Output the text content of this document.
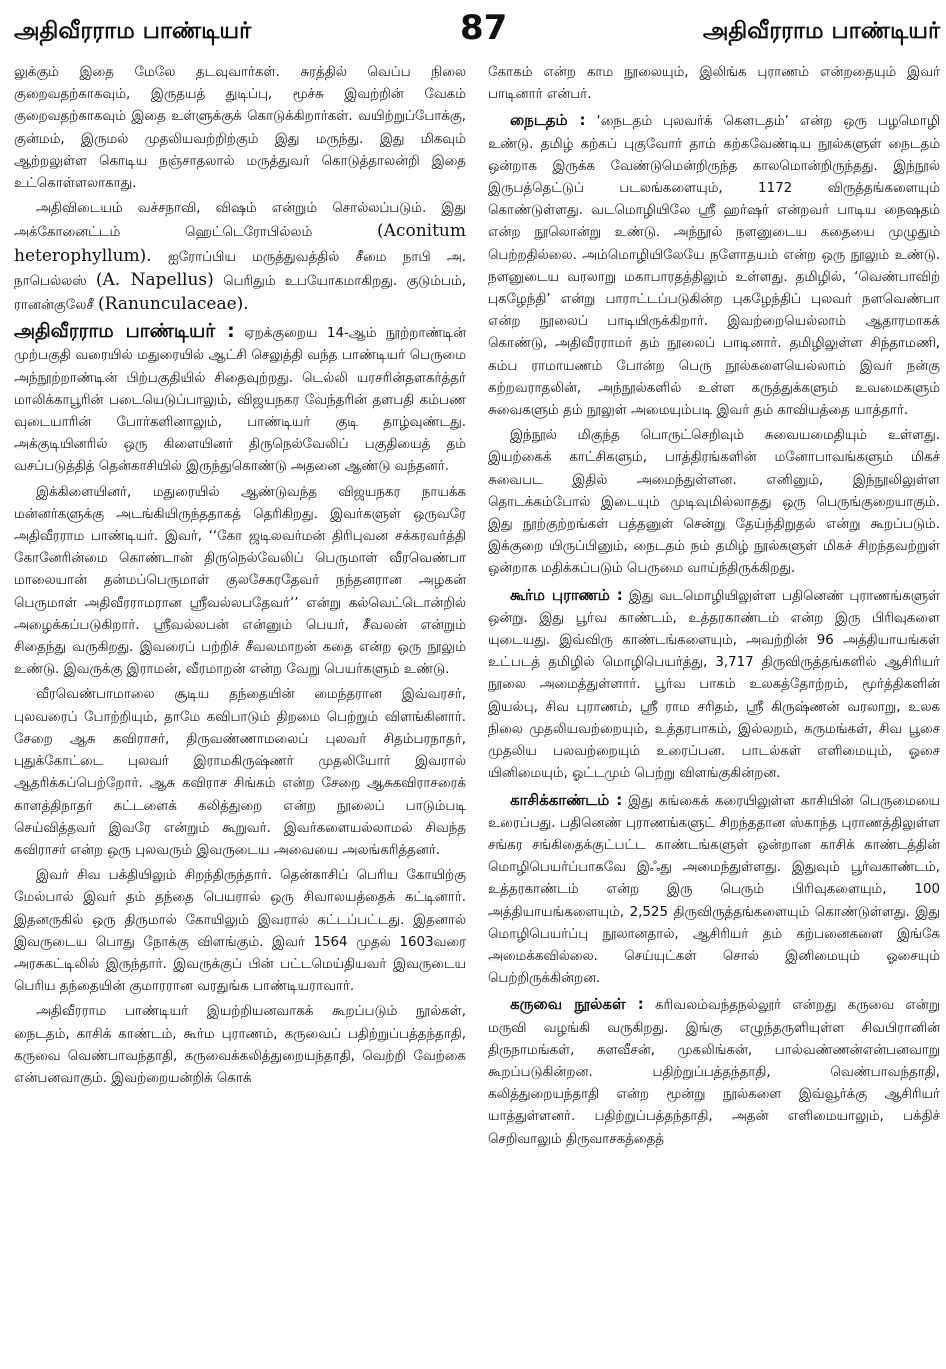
அதிவீரராம பாண்டியர்	87	அதிவீரராம பாண்டியர்

லுக்கும் இதை மேலே தடவுவார்கள். சுரத்தில் வெப்ப நிலை குறைவதற்காகவும், இருதயத் துடிப்பு, மூச்சு இவற்றின் வேகம் குறைவதற்காகவும் இதை உள்ளுக்குக் கொடுக்கிறார்கள். வயிற்றுப்போக்கு, குன்மம், இருமல் முதலியவற்றிற்கும் இது மருந்து. இது மிகவும் ஆற்றலுள்ள கொடிய நஞ்சாதலால் மருத்துவர் கொடுத்தாலன்றி இதை உட்கொள்ளலாகாது.

அதிவிடையம் வச்சநாவி, விஷம் என்றும் சொல்லப்படும். இது அக்கோனைட்டம் ஹெட்டெரோபில்லம்	(Aconitum heterophyllum). ஐரோப்பிய மருத்துவத்தில் சீமை நாபி அ. நாபெல்லஸ் (A. Napellus) பெரிதும் உபயோகமாகிறது. குடும்பம், ரானன்குலேசீ (Ranunculaceae).

அதிவீரராம பாண்டியர் : ஏறக்குறைய 14-ஆம் நூற்றாண்டின் முற்பகுதி வரையில் மதுரையில் ஆட்சி செலுத்தி வந்த பாண்டியர் பெருமை அந்நூற்றாண்டின் பிற்பகுதியில் சிதைவுற்றது. டெல்லி யரசரின்தளகர்த்தர் மாலிக்காபூரின் படையெடுப்பாலும், விஜயநகர வேந்தரின் தளபதி கம்பண வுடையாரின் போர்களினாலும், பாண்டியர் குடி தாழ்வுண்டது. அக்குடியினரில் ஒரு கிளையினர் திருநெல்வேலிப் பகுதியைத் தம் வசப்படுத்தித் தென்காசியில் இருந்துகொண்டு அதனை ஆண்டு வந்தனர்.

இக்கிளையினர், மதுரையில் ஆண்டுவந்த விஜயநகர நாயக்க மன்னர்களுக்கு அடங்கியிருந்ததாகத் தெரிகிறது. இவர்களுள் ஒருவரே அதிவீரராம பாண்டியர். இவர், ‘‘கோ ஜடிலவர்மன் திரிபுவன சக்கரவர்த்தி கோனேரின்மை கொண்டான் திருநெல்வேலிப் பெருமாள் வீரவெண்பா மாலையான் தன்மப்பெருமாள் குலசேகரதேவர் நந்தனரான அழகன் பெருமாள் அதிவீரராமரான ஸ்ரீவல்லபதேவர்’’ என்று கல்வெட்டொன்றில் அழைக்கப்படுகிறார். ஸ்ரீவல்லபன் என்னும் பெயர், சீவலன் என்றும் சிதைந்து வருகிறது. இவரைப் பற்றிச் சீவலமாறன் கதை என்ற ஒரு நூலும் உண்டு. இவருக்கு இராமன், வீரமாறன் என்ற வேறு பெயர்களும் உண்டு.

வீரவெண்பாமாலை சூடிய தந்தையின் மைந்தரான இவ்வரசர், புலவரைப் போற்றியும், தாமே கவிபாடும் திறமை பெற்றும் விளங்கினார். சேறை ஆசு கவிராசர், திருவண்ணாமலைப் புலவர் சிதம்பரநாதர், புதுக்கோட்டை புலவர் இராமகிருஷ்ணர் முதலியோர் இவரால் ஆதரிக்கப்பெற்றோர். ஆசு கவிராச சிங்கம் என்ற சேறை ஆசுகவிராசரைக் காளத்திநாதர் கட்டளைக் கலித்துறை என்ற நூலைப் பாடும்படி செய்வித்தவர் இவரே என்றும் கூறுவர். இவர்களையல்லாமல் சிவந்த கவிராசர் என்ற ஒரு புலவரும் இவருடைய அவையை அலங்கரித்தனர்.

இவர் சிவ பக்தியிலும் சிறந்திருந்தார். தென்காசிப் பெரிய கோயிற்கு மேல்பால் இவர் தம் தந்தை பெயரால் ஒரு சிவாலயத்தைக் கட்டினார். இதனருகில் ஒரு திருமால் கோயிலும் இவரால் கட்டப்பட்டது. இதனால் இவருடைய பொது நோக்கு விளங்கும். இவர் 1564 முதல் 1603வரை அரசுகட்டிலில் இருந்தார். இவருக்குப் பின் பட்டமெய்தியவர் இவருடைய பெரிய தந்தையின் குமாரரான வரதுங்க பாண்டியராவார்.

அதிவீரராம பாண்டியர் இயற்றியனவாகக் கூறப்படும் நூல்கள், நைடதம், காசிக் காண்டம், கூர்ம புராணம், கருவைப் பதிற்றுப்பத்தந்தாதி, கருவை வெண்பாவந்தாதி, கருவைக்கலித்துறையந்தாதி, வெற்றி வேற்கை என்பனவாகும். இவற்றையன்றிக் கொக்

கோகம் என்ற காம நூலையும், இலிங்க புராணம் என்றதையும் இவர் பாடினார் என்பர்.

நைடதம் : ‘நைடதம் புலவர்க் கௌடதம்’ என்ற ஒரு பழமொழி உண்டு. தமிழ் கற்கப் புகுவோர் தாம் கற்கவேண்டிய நூல்களுள் நைடதம் ஒன்றாக இருக்க வேண்டுமென்றிருந்த காலமொன்றிருந்தது. இந்நூல் இருபத்தெட்டுப் படலங்களையும், 1172 விருத்தங்களையும் கொண்டுள்ளது. வடமொழியிலே ஸ்ரீ ஹர்ஷர் என்றவர் பாடிய நைஷதம் என்ற நூலொன்று உண்டு. அந்நூல் நளனுடைய கதையை முழுதும் பெற்றதில்லை. அம்மொழியிலேயே நளோதயம் என்ற ஒரு நூலும் உண்டு. நளனுடைய வரலாறு மகாபாரதத்திலும் உள்ளது. தமிழில், ‘வெண்பாவிற் புகழேந்தி’ என்று பாராட்டப்படுகின்ற புகழேந்திப் புலவர் நளவெண்பா என்ற நூலைப் பாடியிருக்கிறார். இவற்றையெல்லாம் ஆதாரமாகக் கொண்டு, அதிவீரராமர் தம் நூலைப் பாடினார். தமிழிலுள்ள சிந்தாமணி, கம்ப ராமாயணம் போன்ற பெரு நூல்களையெல்லாம் இவர் நன்கு கற்றவராதலின், அந்நூல்களில் உள்ள கருத்துக்களும் உவமைகளும் சுவைகளும் தம் நூலுள் அமையும்படி இவர் தம் காவியத்தை யாத்தார்.

இந்நூல் மிகுந்த பொருட்செறிவும் சுவையமைதியும் உள்ளது. இயற்கைக் காட்சிகளும், பாத்திரங்களின் மனோபாவங்களும் மிகச் சுவைபட இதில் அமைந்துள்ளன. எனினும், இந்நூலிலுள்ள தொடக்கம்போல் இடையும் முடிவுமில்லாதது ஒரு பெருங்குறையாகும். இது நூற்குற்றங்கள் பத்தனுள் சென்று தேய்ந்திறுதல் என்று கூறப்படும். இக்குறை யிருப்பினும், நைடதம் நம் தமிழ் நூல்களுள் மிகச் சிறந்தவற்றுள் ஒன்றாக மதிக்கப்படும் பெருமை வாய்ந்திருக்கிறது.

கூர்ம புராணம் : இது வடமொழியிலுள்ள பதினெண் புராணங்களுள் ஒன்று. இது பூர்வ காண்டம், உத்தரகாண்டம் என்ற இரு பிரிவுகளை யுடையது. இவ்விரு காண்டங்களையும், அவற்றின் 96 அத்தியாயங்கள் உட்படத் தமிழில் மொழிபெயர்த்து, 3,717 திருவிருத்தங்களில் ஆசிரியர் நூலை அமைத்துள்ளார். பூர்வ பாகம் உலகத்தோற்றம், மூர்த்திகளின் இயல்பு, சிவ புராணம், ஸ்ரீ ராம சரிதம், ஸ்ரீ கிருஷ்ணன் வரலாறு, உலக நிலை முதலியவற்றையும், உத்தரபாகம், இல்லறம், கருமங்கள், சிவ பூசை முதலிய பலவற்றையும் உரைப்பன. பாடல்கள் எளிமையும், ஓசை யினிமையும், ஓட்டமும் பெற்று விளங்குகின்றன.

காசிக்காண்டம் : இது கங்கைக் கரையிலுள்ள காசியின் பெருமையை உரைப்பது. பதினெண் புராணங்களுட் சிறந்ததான ஸ்காந்த புராணத்திலுள்ள சங்கர சங்கிதைக்குட்பட்ட காண்டங்களுள் ஒன்றான காசிக் காண்டத்தின் மொழிபெயர்ப்பாகவே இஃது அமைந்துள்ளது. இதுவும் பூர்வகாண்டம், உத்தரகாண்டம் என்ற இரு பெரும் பிரிவுகளையும், 100 அத்தியாயங்களையும், 2,525 திருவிருத்தங்களையும் கொண்டுள்ளது. இது மொழிபெயர்ப்பு நூலானதால், ஆசிரியர் தம் கற்பனைகளை இங்கே அமைக்கவில்லை. செய்யுட்கள் சொல் இனிமையும் ஓசையும் பெற்றிருக்கின்றன.

கருவை நூல்கள் : கரிவலம்வந்தநல்லூர் என்றது கருவை என்று மருவி வழங்கி வருகிறது. இங்கு எழுந்தருளியுள்ள சிவபிரானின் திருநாமங்கள், களவீசன், முகலிங்கன், பால்வண்ணன்என்பனவாறு கூறப்படுகின்றன. பதிற்றுப்பத்தந்தாதி, வெண்பாவந்தாதி, கலித்துறையந்தாதி என்ற மூன்று நூல்களை இவ்வூர்க்கு ஆசிரியர் யாத்துள்ளனர். பதிற்றுப்பத்தந்தாதி, அதன் எளிமையாலும், பக்திச் செறிவாலும் திருவாசகத்தைத்
